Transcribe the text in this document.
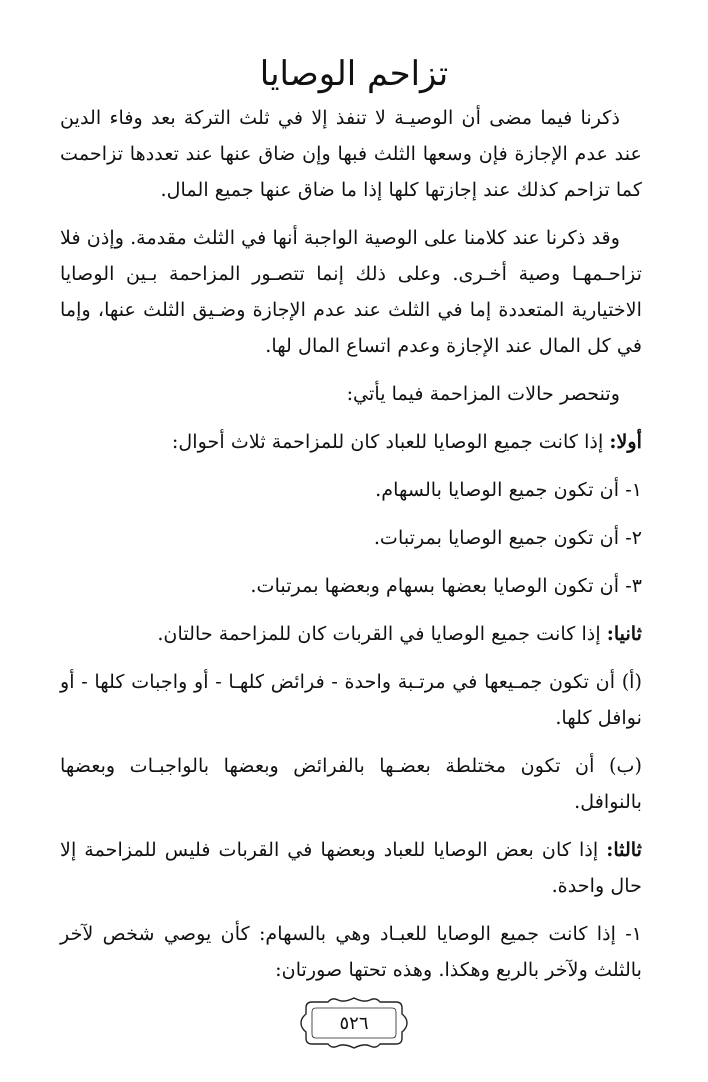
تزاحم الوصايا

ذكرنا فيما مضى أن الوصيـة لا تنفذ إلا في ثلث التركة بعد وفاء الدين عند عدم الإجازة فإن وسعها الثلث فبها وإن ضاق عنها عند تعددها تزاحمت كما تزاحم كذلك عند إجازتها كلها إذا ما ضاق عنها جميع المال.

وقد ذكرنا عند كلامنا على الوصية الواجبة أنها في الثلث مقدمة. وإذن فلا تزاحـمهـا وصية أخـرى. وعلى ذلك إنما تتصـور المزاحمة بـين الوصايا الاختيارية المتعددة إما في الثلث عند عدم الإجازة وضـيق الثلث عنها، وإما في كل المال عند الإجازة وعدم اتساع المال لها.

وتنحصر حالات المزاحمة فيما يأتي:

أولا: إذا كانت جميع الوصايا للعباد كان للمزاحمة ثلاث أحوال:

١- أن تكون جميع الوصايا بالسهام.

٢- أن تكون جميع الوصايا بمرتبات.

٣- أن تكون الوصايا بعضها بسهام وبعضها بمرتبات.

ثانيا: إذا كانت جميع الوصايا في القربات كان للمزاحمة حالتان.

(أ) أن تكون جمـيعها في مرتـبة واحدة - فرائض كلهـا - أو واجبات كلها - أو نوافل كلها.

(ب) أن تكون مختلطة بعضـها بالفرائض وبعضها بالواجبـات وبعضها بالنوافل.

ثالثا: إذا كان بعض الوصايا للعباد وبعضها في القربات فليس للمزاحمة إلا حال واحدة.

١- إذا كانت جميع الوصايا للعبـاد وهي بالسهام: كأن يوصي شخص لآخر بالثلث ولآخر بالربع وهكذا. وهذه تحتها صورتان:

٥٢٦
